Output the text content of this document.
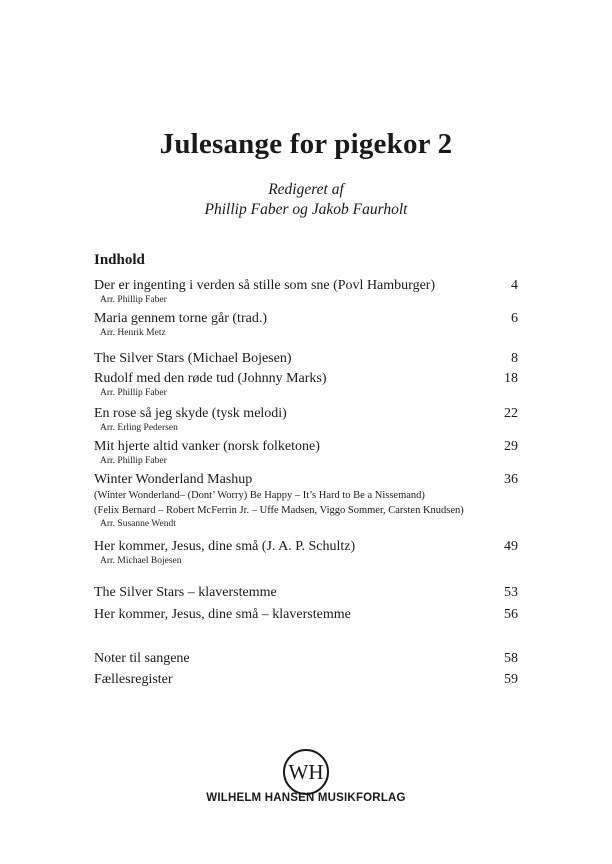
Julesange for pigekor 2
Redigeret af
Phillip Faber og Jakob Faurholt
Indhold
Der er ingenting i verden så stille som sne (Povl Hamburger)	4
Arr. Phillip Faber
Maria gennem torne går (trad.)	6
Arr. Henrik Metz
The Silver Stars (Michael Bojesen)	8
Rudolf med den røde tud (Johnny Marks)	18
Arr. Phillip Faber
En rose så jeg skyde (tysk melodi)	22
Arr. Erling Pedersen
Mit hjerte altid vanker (norsk folketone)	29
Arr. Phillip Faber
Winter Wonderland Mashup	36
(Winter Wonderland– (Dont’ Worry) Be Happy – It’s Hard to Be a Nissemand)
(Felix Bernard – Robert McFerrin Jr. – Uffe Madsen, Viggo Sommer, Carsten Knudsen)
Arr. Susanne Wendt
Her kommer, Jesus, dine små (J. A. P. Schultz)	49
Arr. Michael Bojesen
The Silver Stars – klaverstemme	53
Her kommer, Jesus, dine små – klaverstemme	56
Noter til sangene	58
Fællesregister	59
WH
WILHELM HANSEN MUSIKFORLAG
